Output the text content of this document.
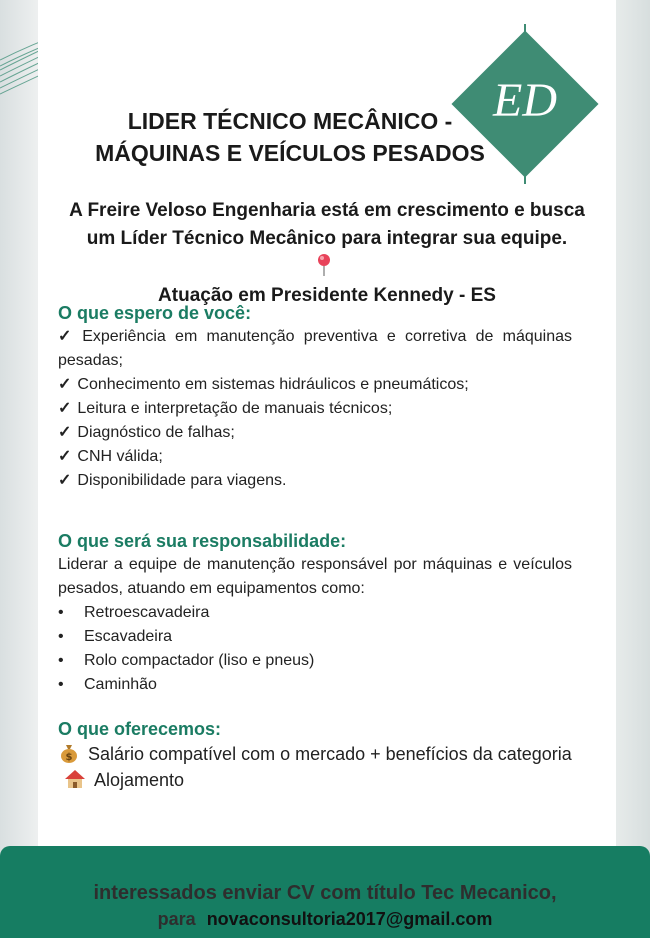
ED
LIDER TÉCNICO MECÂNICO -
MÁQUINAS E VEÍCULOS PESADOS
A Freire Veloso Engenharia está em crescimento e busca
um Líder Técnico Mecânico para integrar sua equipe.
Atuação em Presidente Kennedy - ES

O que espero de você:

✓ Experiência em manutenção preventiva e corretiva de máquinas pesadas;

✓ Conhecimento em sistemas hidráulicos e pneumáticos;

✓ Leitura e interpretação de manuais técnicos;

✓ Diagnóstico de falhas;

✓ CNH válida;

✓ Disponibilidade para viagens.

O que será sua responsabilidade:

Liderar a equipe de manutenção responsável por máquinas e veículos pesados, atuando em equipamentos como:

• Retroescavadeira

• Escavadeira

• Rolo compactador (liso e pneus)

• Caminhão

O que oferecemos:

$ Salário compatível com o mercado + benefícios da categoria

Alojamento

interessados enviar CV com título Tec Mecanico,
para novaconsultoria2017@gmail.com
